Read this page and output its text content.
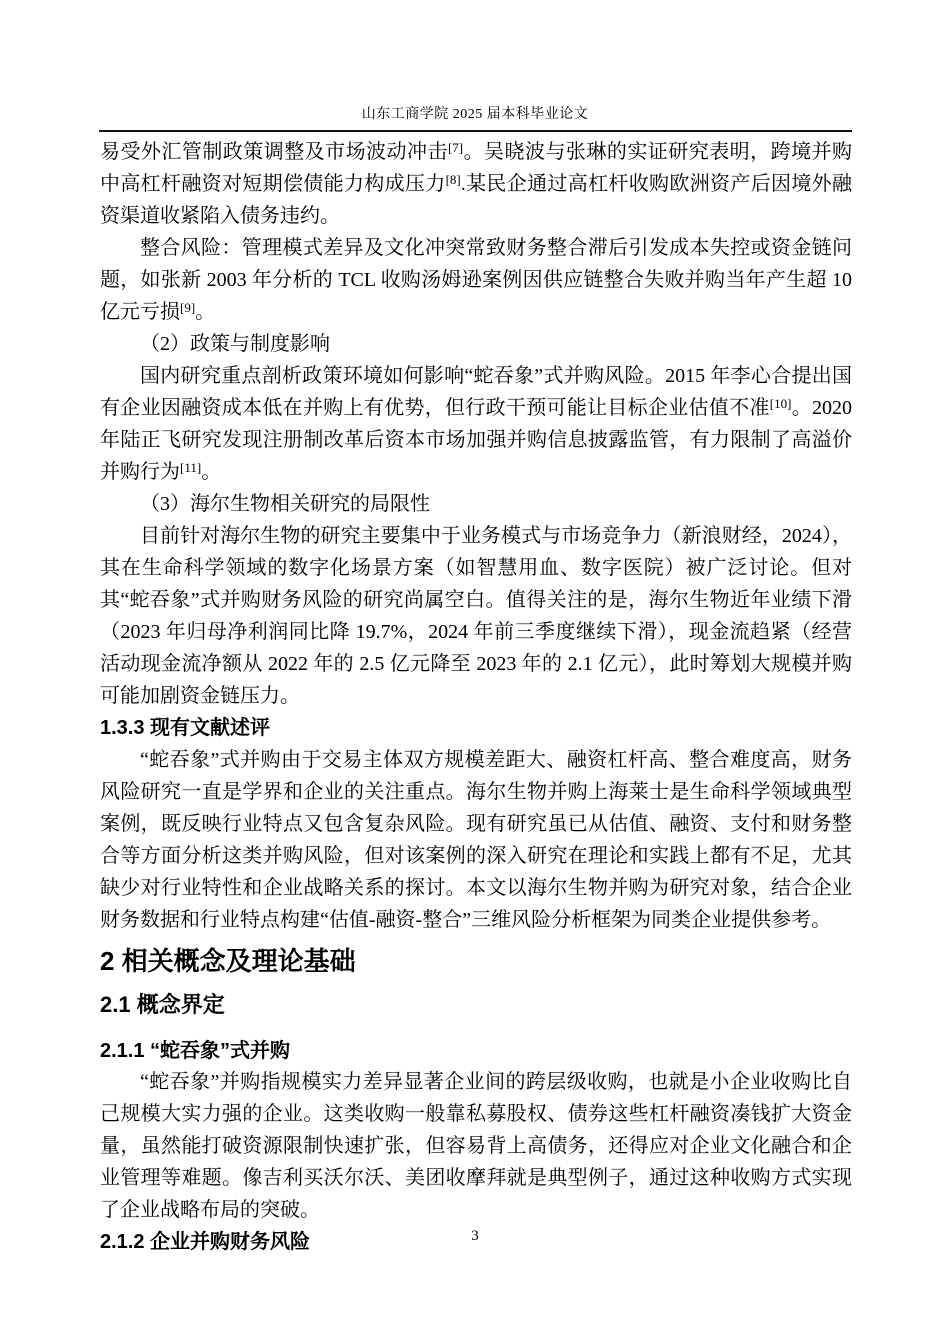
山东工商学院 2025 届本科毕业论文

易受外汇管制政策调整及市场波动冲击[7]。吴晓波与张琳的实证研究表明，跨境并购中高杠杆融资对短期偿债能力构成压力[8].某民企通过高杠杆收购欧洲资产后因境外融资渠道收紧陷入债务违约。

整合风险：管理模式差异及文化冲突常致财务整合滞后引发成本失控或资金链问题，如张新 2003 年分析的 TCL 收购汤姆逊案例因供应链整合失败并购当年产生超 10 亿元亏损[9]。

（2）政策与制度影响

国内研究重点剖析政策环境如何影响“蛇吞象”式并购风险。2015 年李心合提出国有企业因融资成本低在并购上有优势，但行政干预可能让目标企业估值不准[10]。2020 年陆正飞研究发现注册制改革后资本市场加强并购信息披露监管，有力限制了高溢价并购行为[11]。

（3）海尔生物相关研究的局限性

目前针对海尔生物的研究主要集中于业务模式与市场竞争力（新浪财经，2024），其在生命科学领域的数字化场景方案（如智慧用血、数字医院）被广泛讨论。但对其“蛇吞象”式并购财务风险的研究尚属空白。值得关注的是，海尔生物近年业绩下滑（2023 年归母净利润同比降 19.7%，2024 年前三季度继续下滑），现金流趋紧（经营活动现金流净额从 2022 年的 2.5 亿元降至 2023 年的 2.1 亿元），此时筹划大规模并购可能加剧资金链压力。

1.3.3 现有文献述评

“蛇吞象”式并购由于交易主体双方规模差距大、融资杠杆高、整合难度高，财务风险研究一直是学界和企业的关注重点。海尔生物并购上海莱士是生命科学领域典型案例，既反映行业特点又包含复杂风险。现有研究虽已从估值、融资、支付和财务整合等方面分析这类并购风险，但对该案例的深入研究在理论和实践上都有不足，尤其缺少对行业特性和企业战略关系的探讨。本文以海尔生物并购为研究对象，结合企业财务数据和行业特点构建“估值-融资-整合”三维风险分析框架为同类企业提供参考。

2 相关概念及理论基础
2.1 概念界定
2.1.1 “蛇吞象”式并购

“蛇吞象”并购指规模实力差异显著企业间的跨层级收购，也就是小企业收购比自己规模大实力强的企业。这类收购一般靠私募股权、债券这些杠杆融资凑钱扩大资金量，虽然能打破资源限制快速扩张，但容易背上高债务，还得应对企业文化融合和企业管理等难题。像吉利买沃尔沃、美团收摩拜就是典型例子，通过这种收购方式实现了企业战略布局的突破。

2.1.2 企业并购财务风险	3
